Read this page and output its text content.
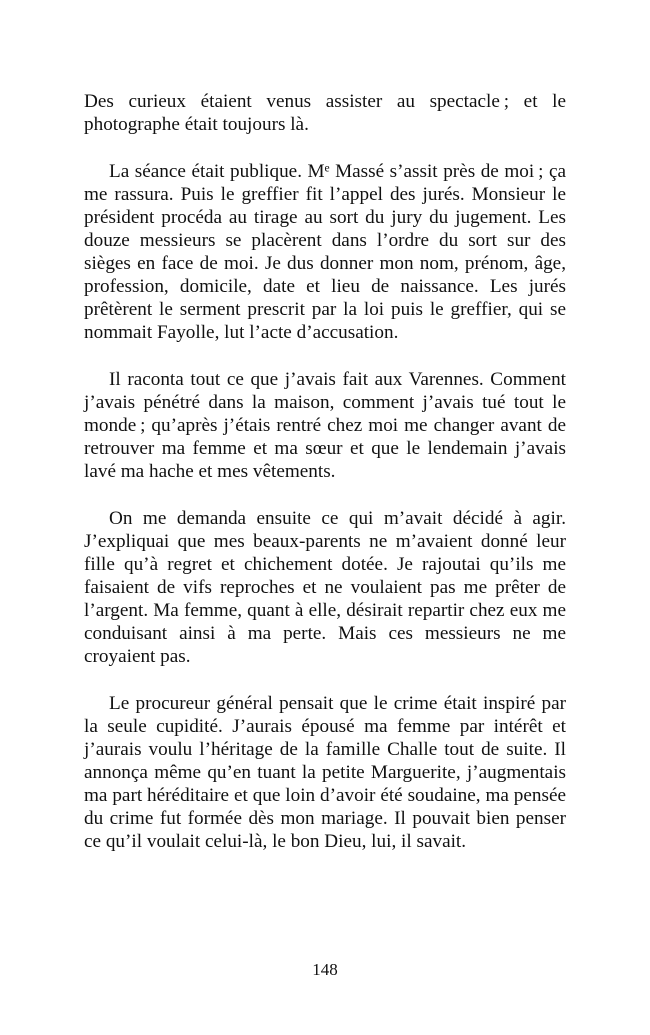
Des curieux étaient venus assister au spectacle ; et le photographe était toujours là.

La séance était publique. Mᵉ Massé s’assit près de moi ; ça me rassura. Puis le greffier fit l’appel des jurés. Monsieur le président procéda au tirage au sort du jury du jugement. Les douze messieurs se placèrent dans l’ordre du sort sur des sièges en face de moi. Je dus donner mon nom, prénom, âge, profession, domicile, date et lieu de naissance. Les jurés prêtèrent le serment prescrit par la loi puis le greffier, qui se nommait Fayolle, lut l’acte d’accusation.

Il raconta tout ce que j’avais fait aux Varennes. Comment j’avais pénétré dans la maison, comment j’avais tué tout le monde ; qu’après j’étais rentré chez moi me changer avant de retrouver ma femme et ma sœur et que le lendemain j’avais lavé ma hache et mes vêtements.

On me demanda ensuite ce qui m’avait décidé à agir. J’expliquai que mes beaux-parents ne m’avaient donné leur fille qu’à regret et chichement dotée. Je rajoutai qu’ils me faisaient de vifs reproches et ne voulaient pas me prêter de l’argent. Ma femme, quant à elle, désirait repartir chez eux me conduisant ainsi à ma perte. Mais ces messieurs ne me croyaient pas.

Le procureur général pensait que le crime était inspiré par la seule cupidité. J’aurais épousé ma femme par intérêt et j’aurais voulu l’héritage de la famille Challe tout de suite. Il annonça même qu’en tuant la petite Marguerite, j’augmentais ma part héréditaire et que loin d’avoir été soudaine, ma pensée du crime fut formée dès mon mariage. Il pouvait bien penser ce qu’il voulait celui-là, le bon Dieu, lui, il savait.

148
